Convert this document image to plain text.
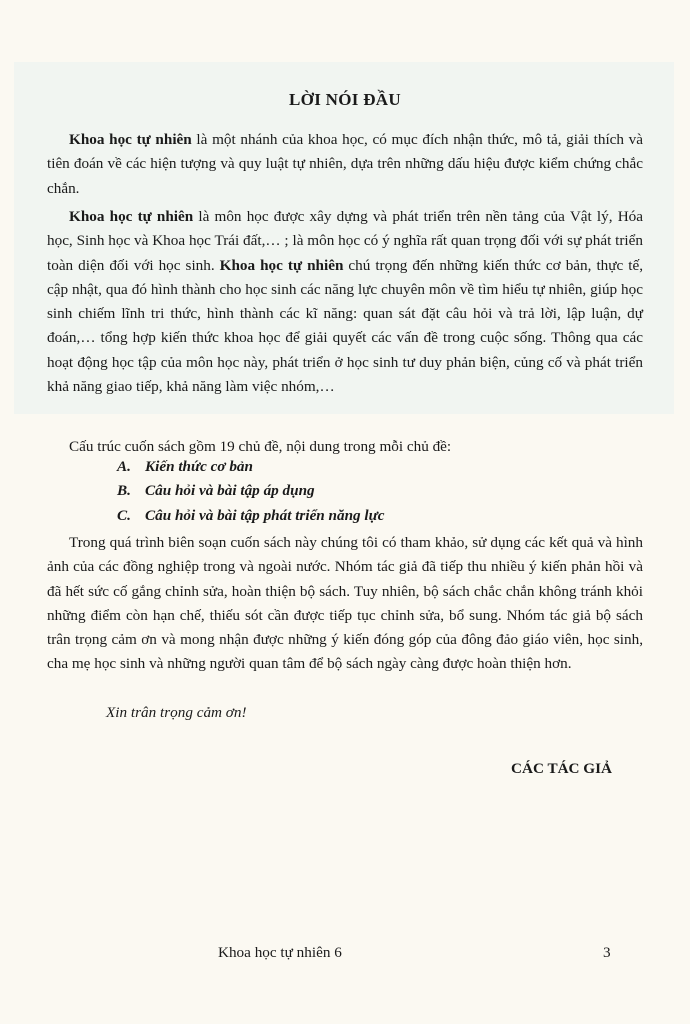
LỜI NÓI ĐẦU
Khoa học tự nhiên là một nhánh của khoa học, có mục đích nhận thức, mô tả, giải thích và tiên đoán về các hiện tượng và quy luật tự nhiên, dựa trên những dấu hiệu được kiểm chứng chắc chắn.
Khoa học tự nhiên là môn học được xây dựng và phát triển trên nền tảng của Vật lý, Hóa học, Sinh học và Khoa học Trái đất,… ; là môn học có ý nghĩa rất quan trọng đối với sự phát triển toàn diện đối với học sinh. Khoa học tự nhiên chú trọng đến những kiến thức cơ bản, thực tế, cập nhật, qua đó hình thành cho học sinh các năng lực chuyên môn về tìm hiểu tự nhiên, giúp học sinh chiếm lĩnh tri thức, hình thành các kĩ năng: quan sát đặt câu hỏi và trả lời, lập luận, dự đoán,… tổng hợp kiến thức khoa học để giải quyết các vấn đề trong cuộc sống. Thông qua các hoạt động học tập của môn học này, phát triển ở học sinh tư duy phản biện, củng cố và phát triển khả năng giao tiếp, khả năng làm việc nhóm,…
Cấu trúc cuốn sách gồm 19 chủ đề, nội dung trong mỗi chủ đề:
A. Kiến thức cơ bản
B. Câu hỏi và bài tập áp dụng
C. Câu hỏi và bài tập phát triển năng lực
Trong quá trình biên soạn cuốn sách này chúng tôi có tham khảo, sử dụng các kết quả và hình ảnh của các đồng nghiệp trong và ngoài nước. Nhóm tác giả đã tiếp thu nhiều ý kiến phản hồi và đã hết sức cố gắng chỉnh sửa, hoàn thiện bộ sách. Tuy nhiên, bộ sách chắc chắn không tránh khỏi những điểm còn hạn chế, thiếu sót cần được tiếp tục chỉnh sửa, bổ sung. Nhóm tác giả bộ sách trân trọng cảm ơn và mong nhận được những ý kiến đóng góp của đông đảo giáo viên, học sinh, cha mẹ học sinh và những người quan tâm để bộ sách ngày càng được hoàn thiện hơn.
Xin trân trọng cảm ơn!
CÁC TÁC GIẢ
Khoa học tự nhiên 6	3
